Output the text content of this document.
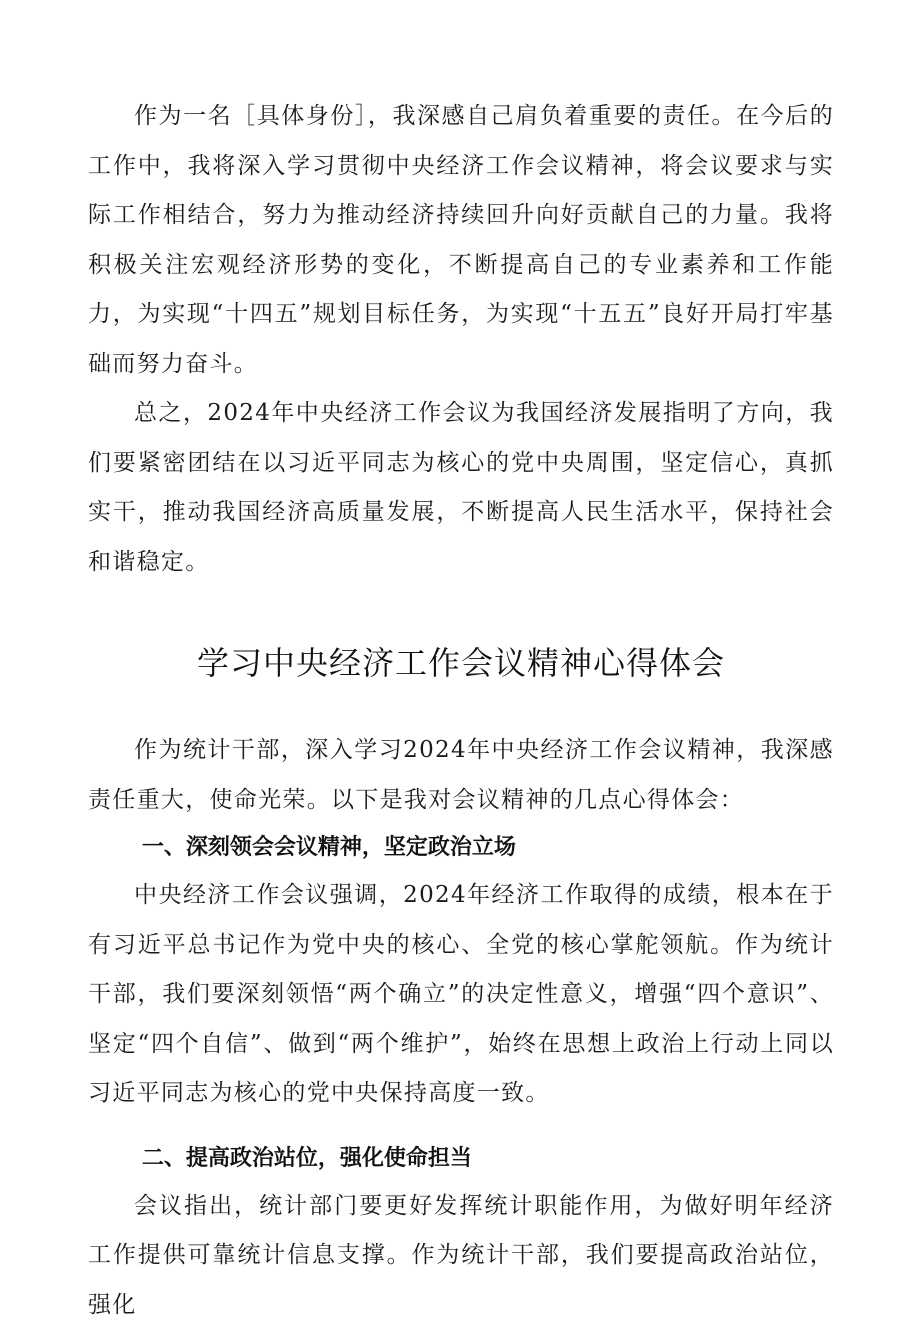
作为一名［具体身份］，我深感自己肩负着重要的责任。在今后的工作中，我将深入学习贯彻中央经济工作会议精神，将会议要求与实际工作相结合，努力为推动经济持续回升向好贡献自己的力量。我将积极关注宏观经济形势的变化，不断提高自己的专业素养和工作能力，为实现“十四五”规划目标任务，为实现“十五五”良好开局打牢基础而努力奋斗。

总之，2024年中央经济工作会议为我国经济发展指明了方向，我们要紧密团结在以习近平同志为核心的党中央周围，坚定信心，真抓实干，推动我国经济高质量发展，不断提高人民生活水平，保持社会和谐稳定。

学习中央经济工作会议精神心得体会

作为统计干部，深入学习2024年中央经济工作会议精神，我深感责任重大，使命光荣。以下是我对会议精神的几点心得体会：

一、深刻领会会议精神，坚定政治立场

中央经济工作会议强调，2024年经济工作取得的成绩，根本在于有习近平总书记作为党中央的核心、全党的核心掌舵领航。作为统计干部，我们要深刻领悟“两个确立”的决定性意义，增强“四个意识”、坚定“四个自信”、做到“两个维护”，始终在思想上政治上行动上同以习近平同志为核心的党中央保持高度一致。

二、提高政治站位，强化使命担当

会议指出，统计部门要更好发挥统计职能作用，为做好明年经济工作提供可靠统计信息支撑。作为统计干部，我们要提高政治站位，强化
